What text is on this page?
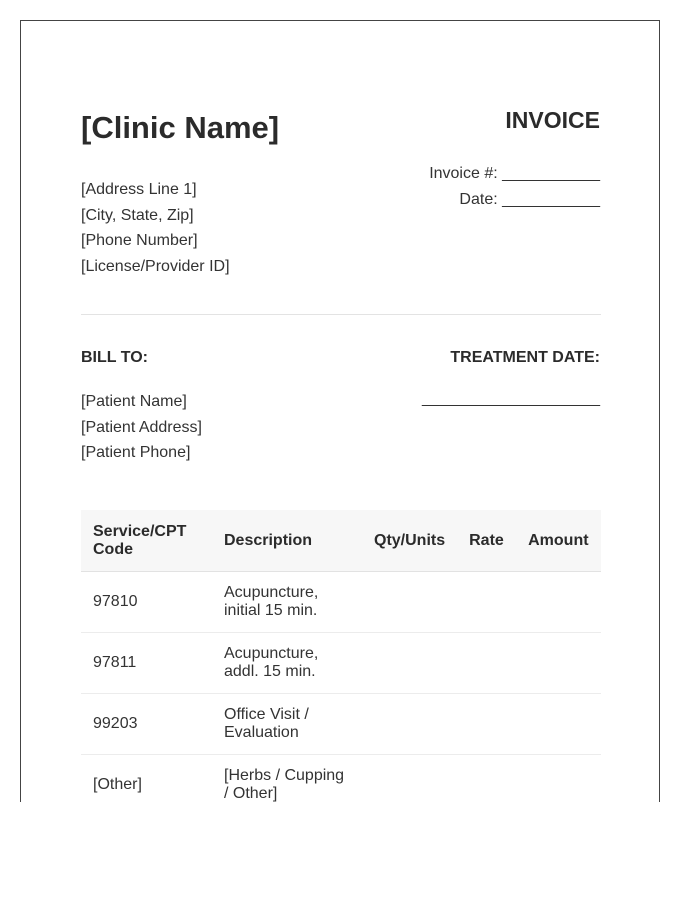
[Clinic Name]	INVOICE
[Address Line 1]
[City, State, Zip]
[Phone Number]
[License/Provider ID]
Invoice #: ___________
Date: ___________
BILL TO:	TREATMENT DATE:
[Patient Name]
[Patient Address]
[Patient Phone]
____________________
Service/CPT Code	Description	Qty/Units	Rate	Amount
97810	Acupuncture, initial 15 min.			
97811	Acupuncture, addl. 15 min.			
99203	Office Visit / Evaluation			
[Other]	[Herbs / Cupping / Other]			
